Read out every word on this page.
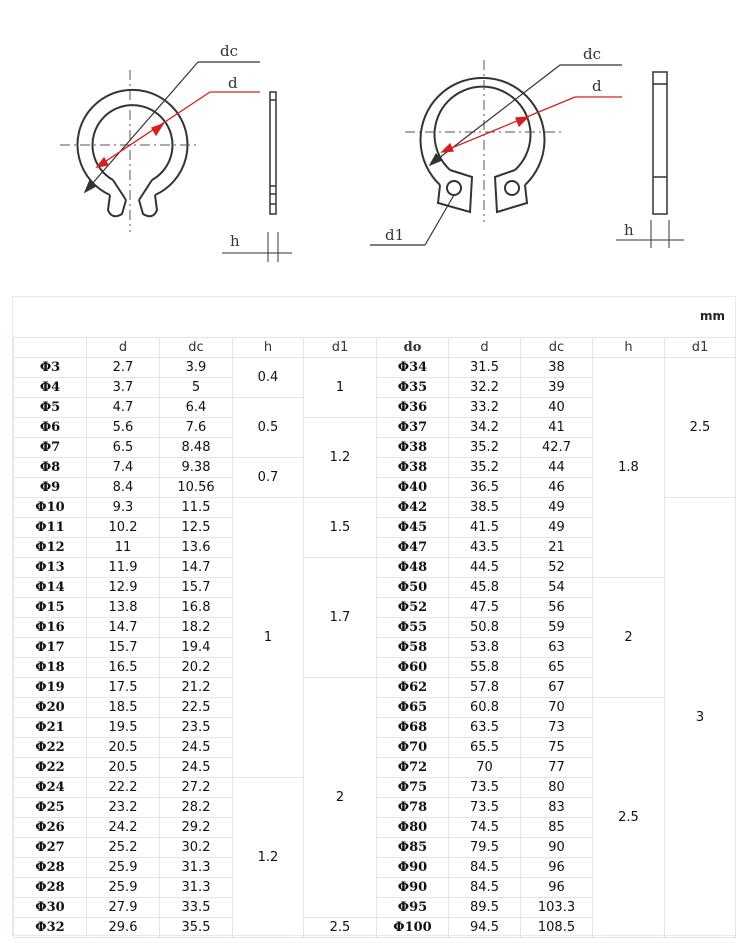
dc
d
h
dc
d
d1	h
	d	dc	h	d1	do	d	dc	h	d1
Φ3	2.7	3.9	0.4	1	Φ34	31.5	38	1.8	2.5
Φ4	3.7	5			Φ35	32.2	39		
Φ5	4.7	6.4	0.5		Φ36	33.2	40		
Φ6	5.6	7.6		1.2	Φ37	34.2	41		
Φ7	6.5	8.48			Φ38	35.2	42.7		
Φ8	7.4	9.38	0.7		Φ38	35.2	44		
Φ9	8.4	10.56			Φ40	36.5	46		
Φ10	9.3	11.5	1	1.5	Φ42	38.5	49		3
Φ11	10.2	12.5			Φ45	41.5	49		
Φ12	11	13.6			Φ47	43.5	21		
Φ13	11.9	14.7		1.7	Φ48	44.5	52		
Φ14	12.9	15.7			Φ50	45.8	54	2	
Φ15	13.8	16.8			Φ52	47.5	56		
Φ16	14.7	18.2			Φ55	50.8	59		
Φ17	15.7	19.4			Φ58	53.8	63		
Φ18	16.5	20.2			Φ60	55.8	65		
Φ19	17.5	21.2		2	Φ62	57.8	67		
Φ20	18.5	22.5			Φ65	60.8	70	2.5	
Φ21	19.5	23.5			Φ68	63.5	73		
Φ22	20.5	24.5			Φ70	65.5	75		
Φ22	20.5	24.5			Φ72	70	77		
Φ24	22.2	27.2	1.2		Φ75	73.5	80		
Φ25	23.2	28.2			Φ78	73.5	83		
Φ26	24.2	29.2			Φ80	74.5	85		
Φ27	25.2	30.2			Φ85	79.5	90		
Φ28	25.9	31.3			Φ90	84.5	96		
Φ28	25.9	31.3			Φ90	84.5	96		
Φ30	27.9	33.5			Φ95	89.5	103.3		
Φ32	29.6	35.5		2.5	Φ100	94.5	108.5		
mm
